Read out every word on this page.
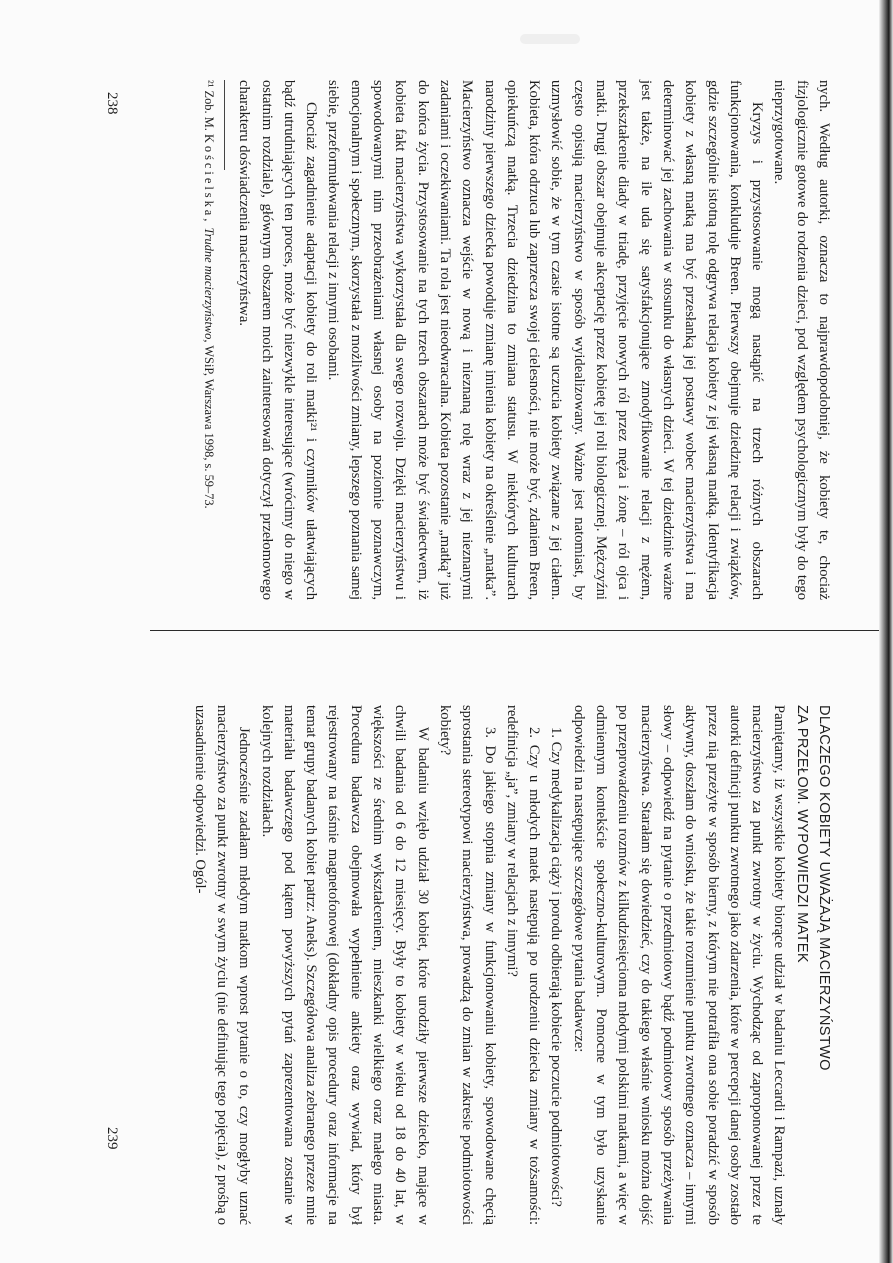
nych. Według autorki, oznacza to najprawdopodobniej, że kobiety te, chociaż fizjologicznie gotowe do rodzenia dzieci, pod względem psychologicznym były do tego nieprzygotowane.

Kryzys i przystosowanie mogą nastąpić na trzech różnych obszarach funkcjonowania, konkluduje Breen. Pierwszy obejmuje dziedzinę relacji i związków, gdzie szczególnie istotną rolę odgrywa relacja kobiety z jej własną matką. Identyfikacja kobiety z własną matką ma być przesłanką jej postawy wobec macierzyństwa i ma determinować jej zachowania w stosunku do własnych dzieci. W tej dziedzinie ważne jest także, na ile uda się satysfakcjonujące zmodyfikowanie relacji z mężem, przekształcenie diady w triadę, przyjęcie nowych ról przez męża i żonę – ról ojca i matki. Drugi obszar obejmuje akceptację przez kobietę jej roli biologicznej. Mężczyźni często opisują macierzyństwo w sposób wyidealizowany. Ważne jest natomiast, by uzmysłowić sobie, że w tym czasie istotne są uczucia kobiety związane z jej ciałem. Kobieta, która odrzuca lub zaprzecza swojej cielesności, nie może być, zdaniem Breen, opiekuńczą matką. Trzecia dziedzina to zmiana statusu. W niektórych kulturach narodziny pierwszego dziecka powoduje zmianę imienia kobiety na określenie „matka”. Macierzyństwo oznacza wejście w nową i nieznaną rolę wraz z jej nieznanymi zadaniami i oczekiwaniami. Ta rola jest nieodwracalna. Kobieta pozostanie „matką” już do końca życia. Przystosowanie na tych trzech obszarach może być świadectwem, iż kobieta fakt macierzyństwa wykorzystała dla swego rozwoju. Dzięki macierzyństwu i spowodowanymi nim przeobrażeniami własnej osoby na poziomie poznawczym, emocjonalnym i społecznym, skorzystała z możliwości zmiany, lepszego poznania samej siebie, przeformułowania relacji z innymi osobami.

Chociaż zagadnienie adaptacji kobiety do roli matki²¹ i czynników ułatwiających bądź utrudniających ten proces, może być niezwykle interesujące (wrócimy do niego w ostatnim rozdziale), głównym obszarem moich zainteresowań dotyczył przełomowego charakteru doświadczenia macierzyństwa.

²¹ Zob. M. Kościelska, Trudne macierzyństwo, WSiP, Warszawa 1998, s. 59–73.
DLACZEGO KOBIETY UWAŻAJĄ MACIERZYŃSTWO
ZA PRZEŁOM. WYPOWIEDZI MATEK

Pamiętamy, iż wszystkie kobiety biorące udział w badaniu Leccardi i Rampazi, uznały macierzyństwo za punkt zwrotny w życiu. Wychodząc od zaproponowanej przez te autorki definicji punktu zwrotnego jako zdarzenia, które w percepcji danej osoby zostało przez nią przeżyte w sposób bierny, z którym nie potrafiła ona sobie poradzić w sposób aktywny, doszłam do wniosku, że takie rozumienie punktu zwrotnego oznacza – innymi słowy – odpowiedź na pytanie o przedmiotowy bądź podmiotowy sposób przeżywania macierzyństwa. Starałam się dowiedzieć, czy do takiego właśnie wniosku można dojść po przeprowadzeniu rozmów z kilkudziesięcioma młodymi polskimi matkami, a więc w odmiennym kontekście społeczno-kulturowym. Pomocne w tym było uzyskanie odpowiedzi na następujące szczegółowe pytania badawcze:

1. Czy medykalizacja ciąży i porodu odbierają kobiecie poczucie podmiotowości?

2. Czy u młodych matek następują po urodzeniu dziecka zmiany w tożsamości: redefinicja „ja”, zmiany w relacjach z innymi?

3. Do jakiego stopnia zmiany w funkcjonowaniu kobiety, spowodowane chęcią sprostania stereotypowi macierzyństwa, prowadzą do zmian w zakresie podmiotowości kobiety?

W badaniu wzięło udział 30 kobiet, które urodziły pierwsze dziecko, mające w chwili badania od 6 do 12 miesięcy. Były to kobiety w wieku od 18 do 40 lat, w większości ze średnim wykształceniem, mieszkanki wielkiego oraz małego miasta. Procedura badawcza obejmowała wypełnienie ankiety oraz wywiad, który był rejestrowany na taśmie magnetofonowej (dokładny opis procedury oraz informacje na temat grupy badanych kobiet patrz: Aneks). Szczegółowa analiza zebranego przeze mnie materiału badawczego pod kątem powyższych pytań zaprezentowana zostanie w kolejnych rozdziałach.

Jednocześnie zadałam młodym matkom wprost pytanie o to, czy mogłyby uznać macierzyństwo za punkt zwrotny w swym życiu (nie definiując tego pojęcia), z prośbą o uzasadnienie odpowiedzi. Ogól-

238
239
